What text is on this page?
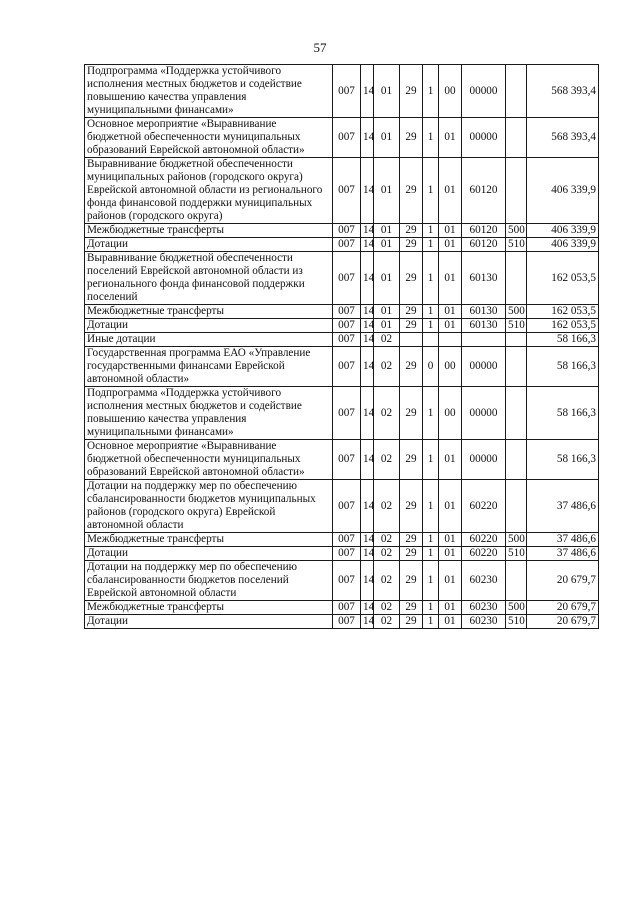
57
Подпрограмма «Поддержка устойчивого исполнения местных бюджетов и содействие повышению качества управления муниципальными финансами»	007	14	01	29	1	00	00000		568 393,4
Основное мероприятие «Выравнивание бюджетной обеспеченности муниципальных образований Еврейской автономной области»	007	14	01	29	1	01	00000		568 393,4
Выравнивание бюджетной обеспеченности муниципальных районов (городского округа) Еврейской автономной области из регионального фонда финансовой поддержки муниципальных районов (городского округа)	007	14	01	29	1	01	60120		406 339,9
Межбюджетные трансферты	007	14	01	29	1	01	60120	500	406 339,9
Дотации	007	14	01	29	1	01	60120	510	406 339,9
Выравнивание бюджетной обеспеченности поселений Еврейской автономной области из регионального фонда финансовой поддержки поселений	007	14	01	29	1	01	60130		162 053,5
Межбюджетные трансферты	007	14	01	29	1	01	60130	500	162 053,5
Дотации	007	14	01	29	1	01	60130	510	162 053,5
Иные дотации	007	14	02						58 166,3
Государственная программа ЕАО «Управление государственными финансами Еврейской автономной области»	007	14	02	29	0	00	00000		58 166,3
Подпрограмма «Поддержка устойчивого исполнения местных бюджетов и содействие повышению качества управления муниципальными финансами»	007	14	02	29	1	00	00000		58 166,3
Основное мероприятие «Выравнивание бюджетной обеспеченности муниципальных образований Еврейской автономной области»	007	14	02	29	1	01	00000		58 166,3
Дотации на поддержку мер по обеспечению сбалансированности бюджетов муниципальных районов (городского округа) Еврейской автономной области	007	14	02	29	1	01	60220		37 486,6
Межбюджетные трансферты	007	14	02	29	1	01	60220	500	37 486,6
Дотации	007	14	02	29	1	01	60220	510	37 486,6
Дотации на поддержку мер по обеспечению сбалансированности бюджетов поселений Еврейской автономной области	007	14	02	29	1	01	60230		20 679,7
Межбюджетные трансферты	007	14	02	29	1	01	60230	500	20 679,7
Дотации	007	14	02	29	1	01	60230	510	20 679,7
